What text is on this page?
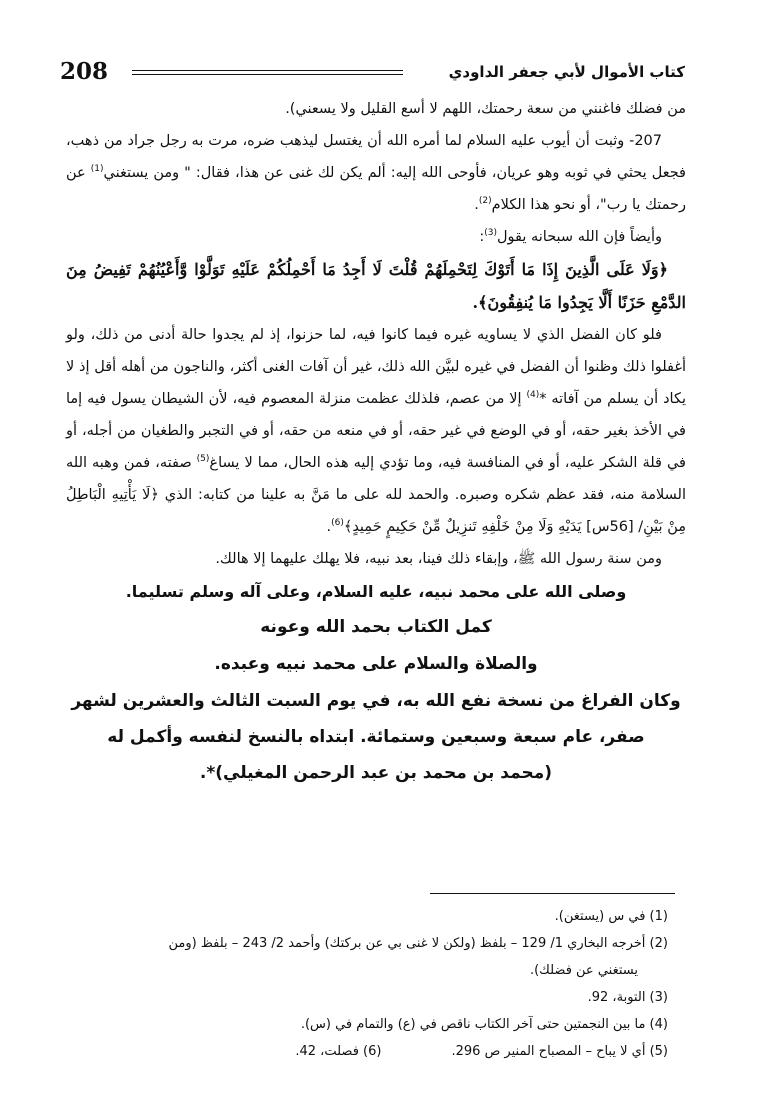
208	كتاب الأموال لأبي جعفر الداودي

من فضلك فاغنني من سعة رحمتك، اللهم لا أسع القليل ولا يسعني).

207- وثبت أن أيوب عليه السلام لما أمره الله أن يغتسل ليذهب ضره، مرت به رجل جراد من ذهب، فجعل يحثي في ثوبه وهو عريان، فأوحى الله إليه: ألم يكن لك غنى عن هذا، فقال: " ومن يستغني$^{(1)}$ عن رحمتك يا رب"، أو نحو هذا الكلام$^{(2)}$.

وأيضاً فإن الله سبحانه يقول$^{(3)}$:

﴿وَلَا عَلَى الَّذِينَ إِذَا مَا أَتَوْكَ لِتَحْمِلَهُمْ قُلْتَ لَا أَجِدُ مَا أَحْمِلُكُمْ عَلَيْهِ تَوَلَّوْا وَّأَعْيُنُهُمْ تَفِيضُ مِنَ الدَّمْعِ حَزَنًا أَلَّا يَجِدُوا مَا يُنفِقُونَ﴾.

فلو كان الفضل الذي لا يساويه غيره فيما كانوا فيه، لما حزنوا، إذ لم يجدوا حالة أدنى من ذلك، ولو أغفلوا ذلك وظنوا أن الفضل في غيره لبيَّن الله ذلك، غير أن آفات الغنى أكثر، والناجون من أهله أقل إذ لا يكاد أن يسلم من آفاته *$^{(4)}$ إلا من عصم، فلذلك عظمت منزلة المعصوم فيه، لأن الشيطان يسول فيه إما في الأخذ بغير حقه، أو في الوضع في غير حقه، أو في منعه من حقه، أو في التجبر والطغيان من أجله، أو في قلة الشكر عليه، أو في المنافسة فيه، وما تؤدي إليه هذه الحال، مما لا يساغ$^{(5)}$ صفته، فمن وهبه الله السلامة منه، فقد عظم شكره وصبره. والحمد لله على ما مَنَّ به علينا من كتابه: الذي ﴿لَا يَأْتِيهِ الْبَاطِلُ مِنْ بَيْنِ/ [56س] يَدَيْهِ وَلَا مِنْ خَلْفِهِ تَنزِيلٌ مِّنْ حَكِيمٍ حَمِيدٍ﴾$^{(6)}$.

ومن سنة رسول الله ﷺ، وإبقاء ذلك فينا، بعد نبيه، فلا يهلك عليهما إلا هالك.

وصلى الله على محمد نبيه، عليه السلام، وعلى آله وسلم تسليما.

كمل الكتاب بحمد الله وعونه

والصلاة والسلام على محمد نبيه وعبده.

وكان الفراغ من نسخة نفع الله به، في يوم السبت الثالث والعشرين لشهر صفر، عام سبعة وسبعين وستمائة. ابتداه بالنسخ لنفسه وأكمل له

(محمد بن محمد بن عبد الرحمن المغيلي)*.

(1) في س (يستغن).

(2) أخرجه البخاري 1/ 129 – بلفظ (ولكن لا غنى بي عن بركتك) وأحمد 2/ 243 – بلفظ (ومن

يستغني عن فضلك).

(3) التوبة، 92.

(4) ما بين النجمتين حتى آخر الكتاب ناقص في (ع) والتمام في (س).

(5) أي لا يباح – المصباح المنير ص 296.
(6) فصلت، 42.
